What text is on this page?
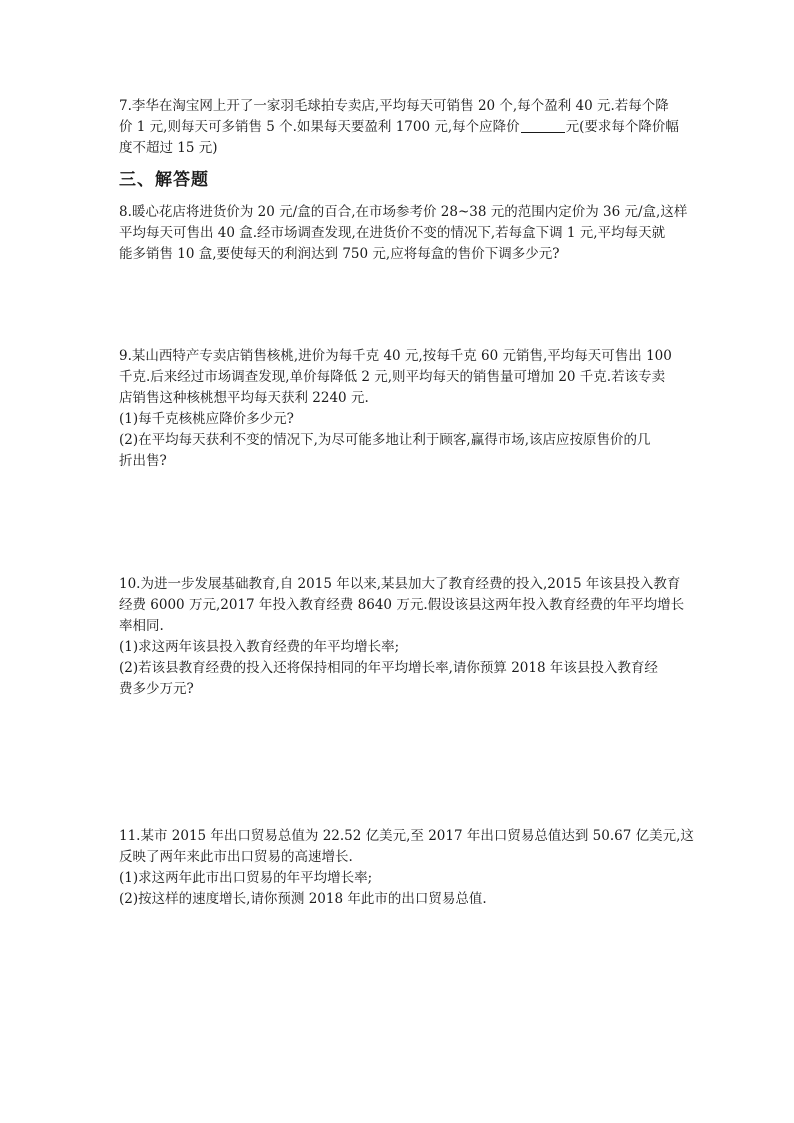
7.李华在淘宝网上开了一家羽毛球拍专卖店,平均每天可销售 20 个,每个盈利 40 元.若每个降
价 1 元,则每天可多销售 5 个.如果每天要盈利 1700 元,每个应降价	元(要求每个降价幅
度不超过 15 元)
三、解答题
8.暖心花店将进货价为 20 元/盒的百合,在市场参考价 28~38 元的范围内定价为 36 元/盒,这样
平均每天可售出 40 盒.经市场调查发现,在进货价不变的情况下,若每盒下调 1 元,平均每天就
能多销售 10 盒,要使每天的利润达到 750 元,应将每盒的售价下调多少元?
9.某山西特产专卖店销售核桃,进价为每千克 40 元,按每千克 60 元销售,平均每天可售出 100
千克.后来经过市场调查发现,单价每降低 2 元,则平均每天的销售量可增加 20 千克.若该专卖
店销售这种核桃想平均每天获利 2240 元.
(1)每千克核桃应降价多少元?
(2)在平均每天获利不变的情况下,为尽可能多地让利于顾客,赢得市场,该店应按原售价的几
折出售?
10.为进一步发展基础教育,自 2015 年以来,某县加大了教育经费的投入,2015 年该县投入教育
经费 6000 万元,2017 年投入教育经费 8640 万元.假设该县这两年投入教育经费的年平均增长
率相同.
(1)求这两年该县投入教育经费的年平均增长率;
(2)若该县教育经费的投入还将保持相同的年平均增长率,请你预算 2018 年该县投入教育经
费多少万元?
11.某市 2015 年出口贸易总值为 22.52 亿美元,至 2017 年出口贸易总值达到 50.67 亿美元,这
反映了两年来此市出口贸易的高速增长.
(1)求这两年此市出口贸易的年平均增长率;
(2)按这样的速度增长,请你预测 2018 年此市的出口贸易总值.
